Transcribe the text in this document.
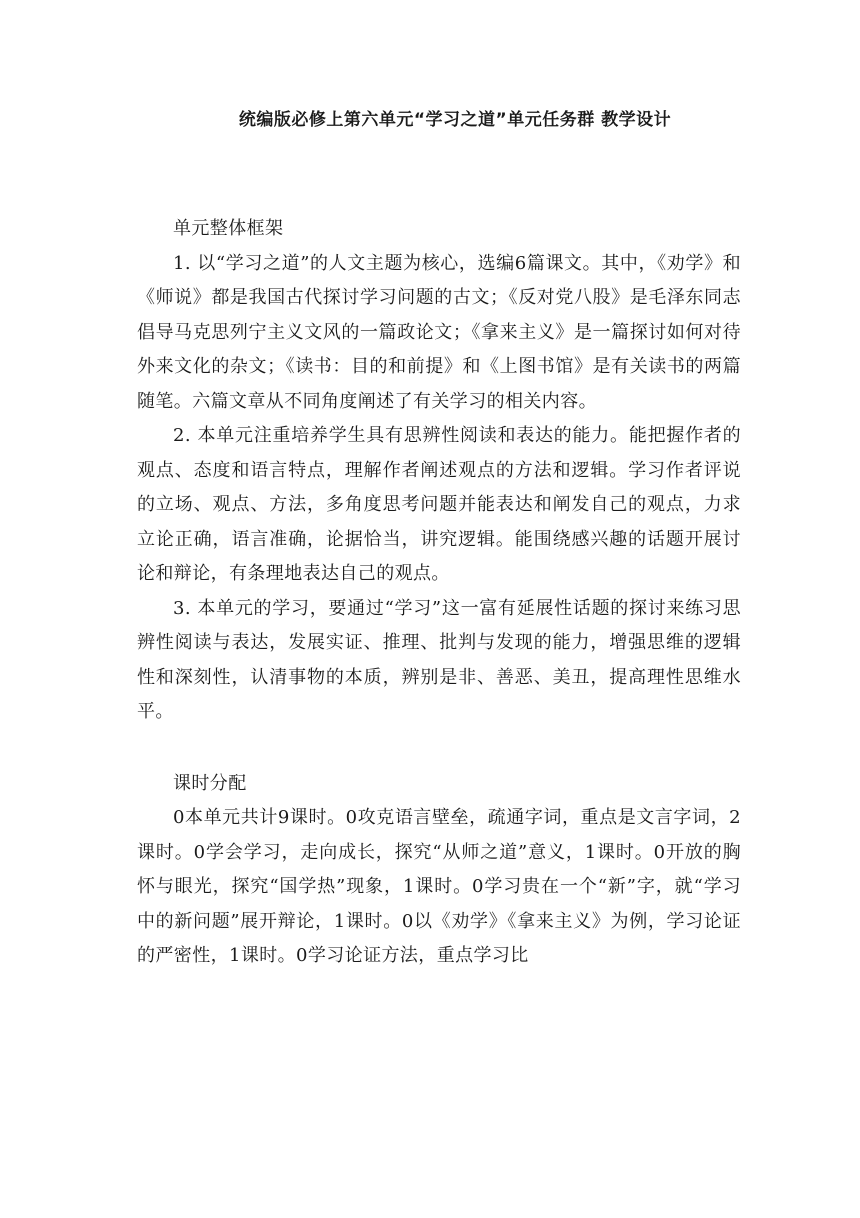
统编版必修上第六单元“学习之道”单元任务群 教学设计

单元整体框架

1. 以“学习之道”的人文主题为核心，选编6篇课文。其中，《劝学》和《师说》都是我国古代探讨学习问题的古文；《反对党八股》是毛泽东同志倡导马克思列宁主义文风的一篇政论文；《拿来主义》是一篇探讨如何对待外来文化的杂文；《读书：目的和前提》和《上图书馆》是有关读书的两篇随笔。六篇文章从不同角度阐述了有关学习的相关内容。

2. 本单元注重培养学生具有思辨性阅读和表达的能力。能把握作者的观点、态度和语言特点，理解作者阐述观点的方法和逻辑。学习作者评说的立场、观点、方法，多角度思考问题并能表达和阐发自己的观点，力求立论正确，语言准确，论据恰当，讲究逻辑。能围绕感兴趣的话题开展讨论和辩论，有条理地表达自己的观点。

3. 本单元的学习，要通过“学习”这一富有延展性话题的探讨来练习思辨性阅读与表达，发展实证、推理、批判与发现的能力，增强思维的逻辑性和深刻性，认清事物的本质，辨别是非、善恶、美丑，提高理性思维水平。

课时分配

0本单元共计9课时。0攻克语言壁垒，疏通字词，重点是文言字词，2课时。0学会学习，走向成长，探究“从师之道”意义，1课时。0开放的胸怀与眼光，探究“国学热”现象，1课时。0学习贵在一个“新”字，就“学习中的新问题”展开辩论，1课时。0以《劝学》《拿来主义》为例，学习论证的严密性，1课时。0学习论证方法，重点学习比
